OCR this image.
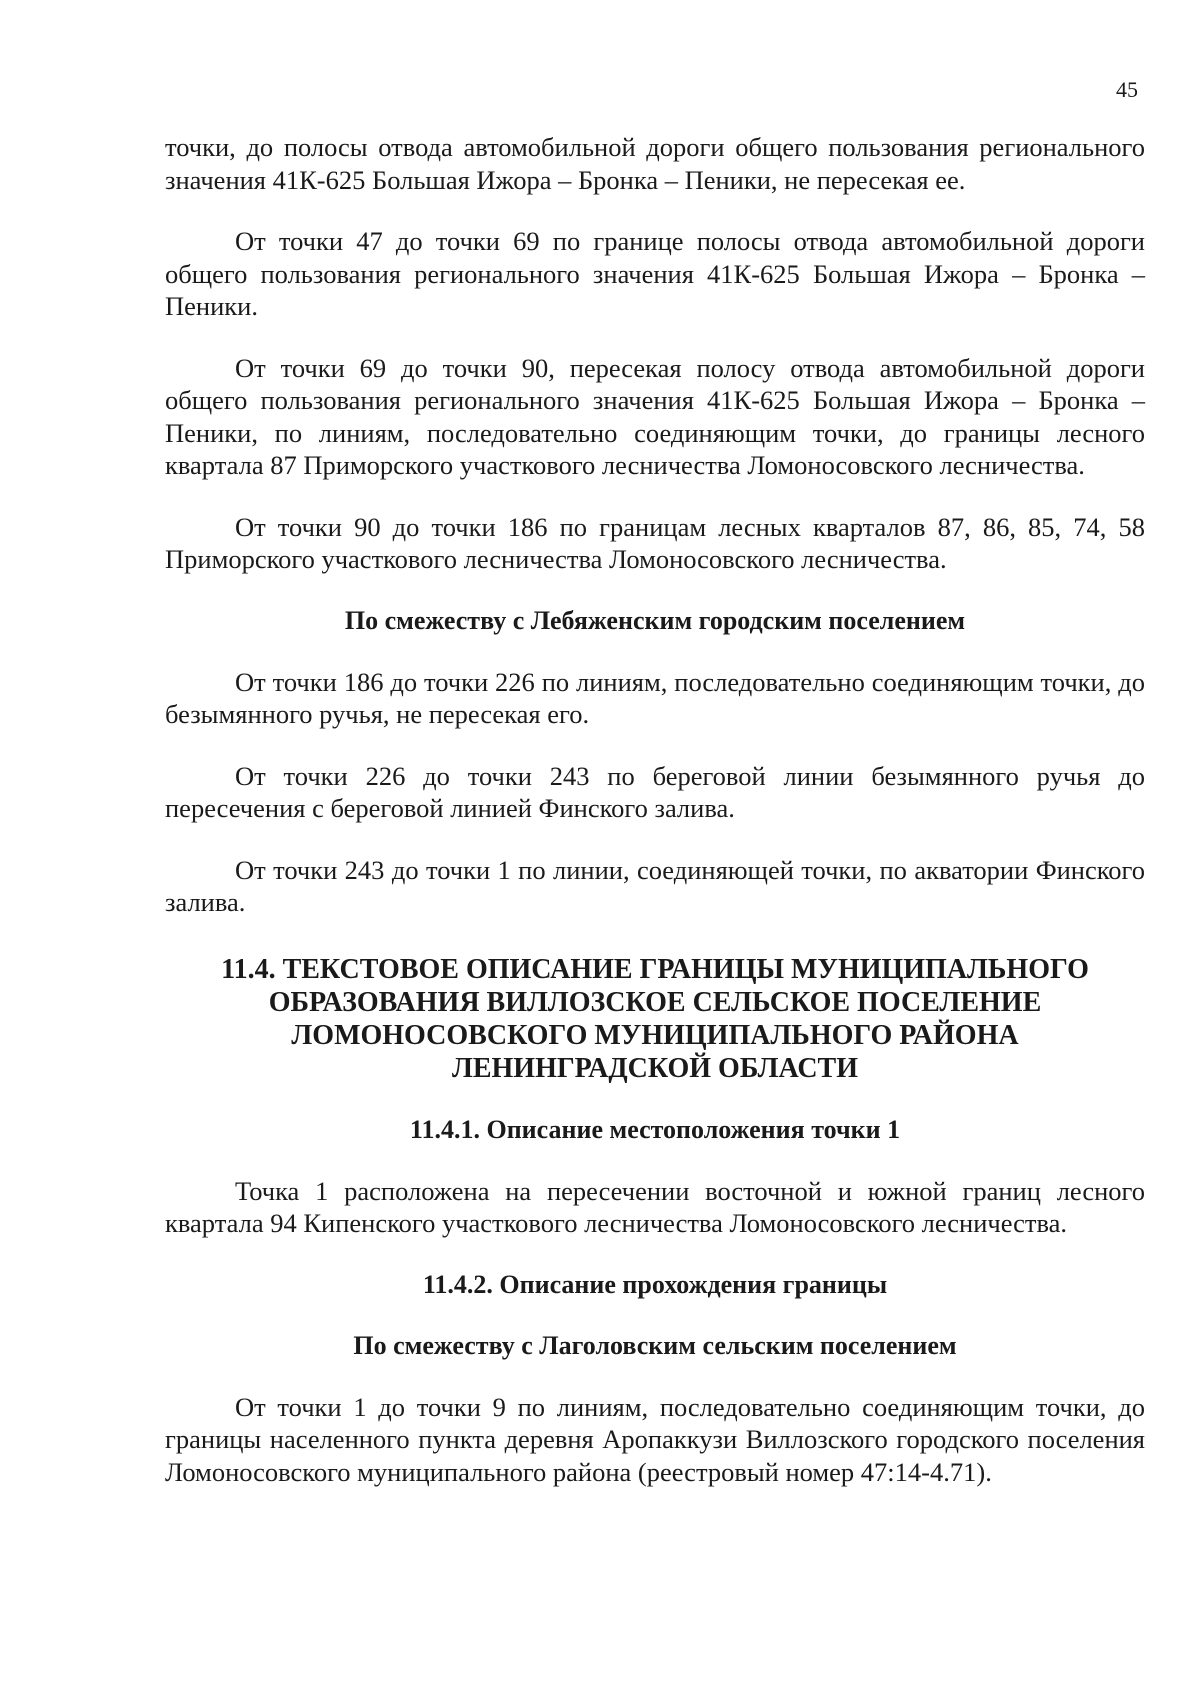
45

точки, до полосы отвода автомобильной дороги общего пользования регионального значения 41К-625 Большая Ижора – Бронка – Пеники, не пересекая ее.

От точки 47 до точки 69 по границе полосы отвода автомобильной дороги общего пользования регионального значения 41К-625 Большая Ижора – Бронка – Пеники.

От точки 69 до точки 90, пересекая полосу отвода автомобильной дороги общего пользования регионального значения 41К-625 Большая Ижора – Бронка – Пеники, по линиям, последовательно соединяющим точки, до границы лесного квартала 87 Приморского участкового лесничества Ломоносовского лесничества.

От точки 90 до точки 186 по границам лесных кварталов 87, 86, 85, 74, 58 Приморского участкового лесничества Ломоносовского лесничества.

По смежеству с Лебяженским городским поселением

От точки 186 до точки 226 по линиям, последовательно соединяющим точки, до безымянного ручья, не пересекая его.

От точки 226 до точки 243 по береговой линии безымянного ручья до пересечения с береговой линией Финского залива.

От точки 243 до точки 1 по линии, соединяющей точки, по акватории Финского залива.

11.4. ТЕКСТОВОЕ ОПИСАНИЕ ГРАНИЦЫ МУНИЦИПАЛЬНОГО
ОБРАЗОВАНИЯ ВИЛЛОЗСКОЕ СЕЛЬСКОЕ ПОСЕЛЕНИЕ
ЛОМОНОСОВСКОГО МУНИЦИПАЛЬНОГО РАЙОНА
ЛЕНИНГРАДСКОЙ ОБЛАСТИ
11.4.1. Описание местоположения точки 1

Точка 1 расположена на пересечении восточной и южной границ лесного квартала 94 Кипенского участкового лесничества Ломоносовского лесничества.

11.4.2. Описание прохождения границы
По смежеству с Лаголовским сельским поселением

От точки 1 до точки 9 по линиям, последовательно соединяющим точки, до границы населенного пункта деревня Аропаккузи Виллозского городского поселения Ломоносовского муниципального района (реестровый номер 47:14-4.71).
